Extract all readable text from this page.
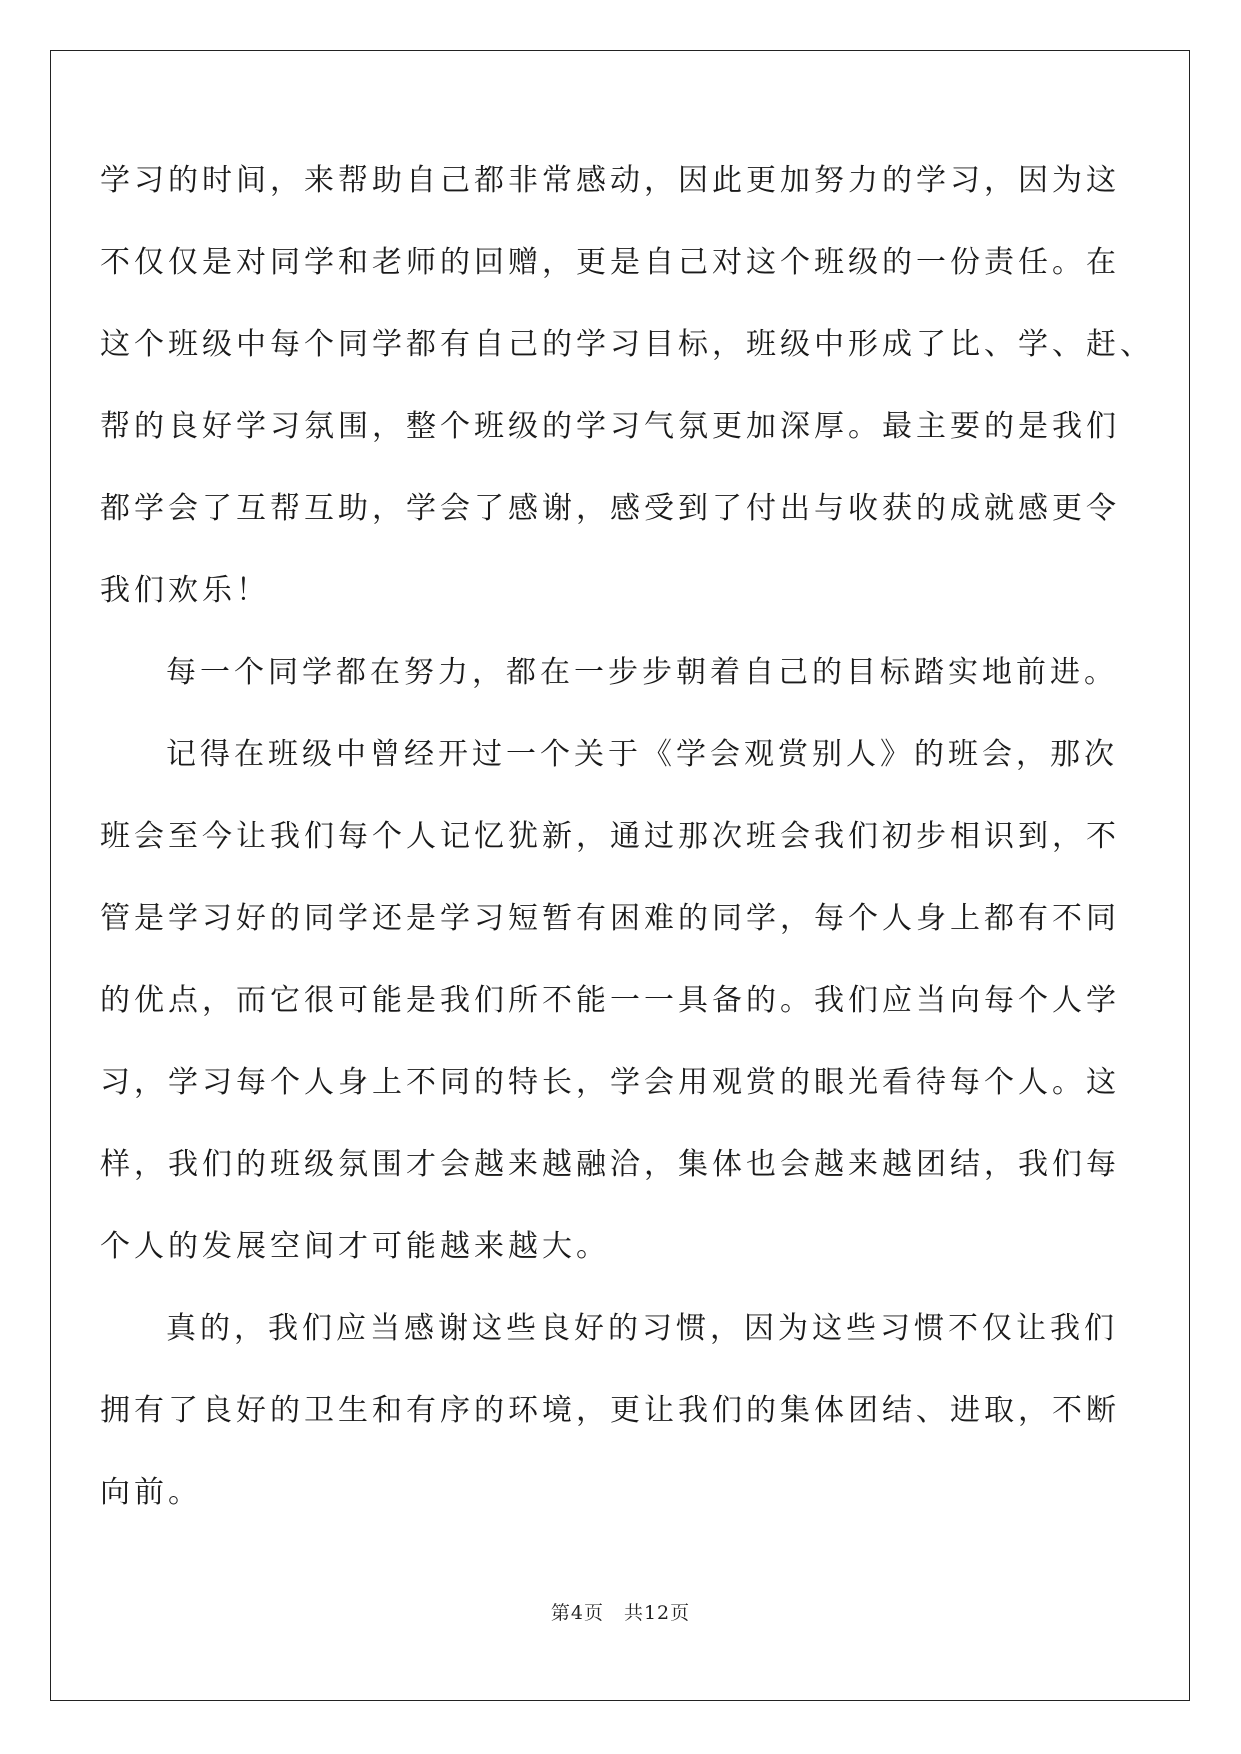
学习的时间，来帮助自己都非常感动，因此更加努力的学习，因为这
不仅仅是对同学和老师的回赠，更是自己对这个班级的一份责任。在
这个班级中每个同学都有自己的学习目标，班级中形成了比、学、赶、
帮的良好学习氛围，整个班级的学习气氛更加深厚。最主要的是我们
都学会了互帮互助，学会了感谢，感受到了付出与收获的成就感更令
我们欢乐！
每一个同学都在努力，都在一步步朝着自己的目标踏实地前进。
记得在班级中曾经开过一个关于《学会观赏别人》的班会，那次
班会至今让我们每个人记忆犹新，通过那次班会我们初步相识到，不
管是学习好的同学还是学习短暂有困难的同学，每个人身上都有不同
的优点，而它很可能是我们所不能一一具备的。我们应当向每个人学
习，学习每个人身上不同的特长，学会用观赏的眼光看待每个人。这
样，我们的班级氛围才会越来越融洽，集体也会越来越团结，我们每
个人的发展空间才可能越来越大。
真的，我们应当感谢这些良好的习惯，因为这些习惯不仅让我们
拥有了良好的卫生和有序的环境，更让我们的集体团结、进取，不断
向前。
第4页　共12页
